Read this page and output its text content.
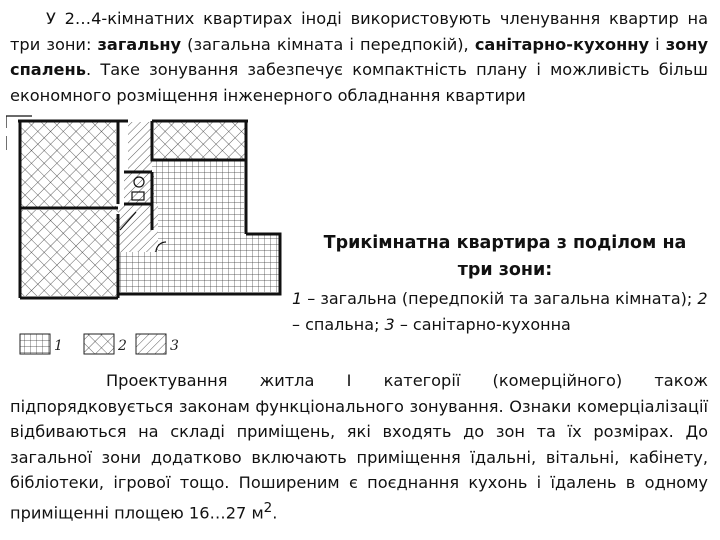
У 2…4-кімнатних квартирах іноді використовують членування квартир на три зони: загальну (загальна кімната і передпокій), санітарно-кухонну і зону спалень. Таке зонування забезпечує компактність плану і можливість більш економного розміщення інженерного обладнання квартири

1	2	3

Трикімнатна квартира з поділом на три зони:

1 – загальна (передпокій та загальна кімната); 2 – спальна; 3 – санітарно-кухонна

Проектування житла І категорії (комерційного) також підпорядковується законам функціонального зонування. Ознаки комерціалізації відбиваються на складі приміщень, які входять до зон та їх розмірах. До загальної зони додатково включають приміщення їдальні, вітальні, кабінету, бібліотеки, ігрової тощо. Поширеним є поєднання кухонь і їдалень в одному приміщенні площею 16…27 $м^2$.
